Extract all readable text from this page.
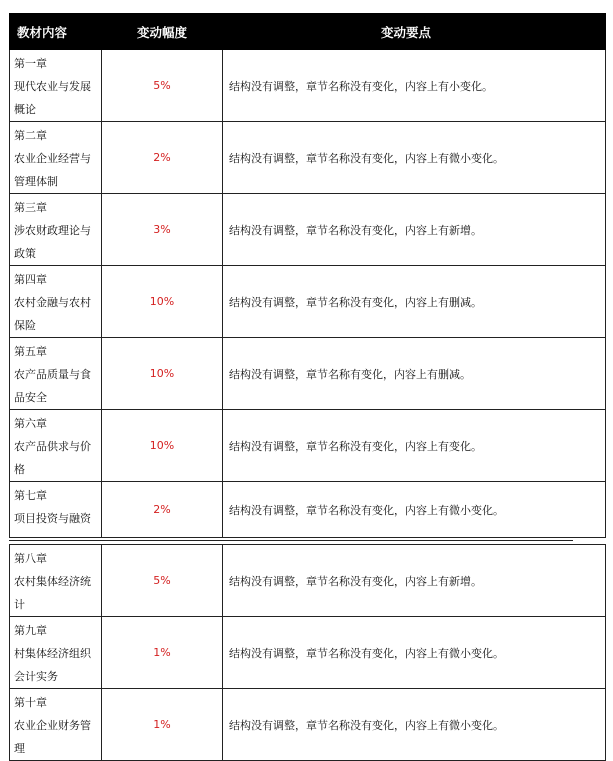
教材内容	变动幅度	变动要点

第一章
现代农业与发展概论	5%	结构没有调整，章节名称没有变化，内容上有小变化。

第二章
农业企业经营与管理体制	2%	结构没有调整，章节名称没有变化，内容上有微小变化。

第三章
涉农财政理论与政策	3%	结构没有调整，章节名称没有变化，内容上有新增。

第四章
农村金融与农村保险	10%	结构没有调整，章节名称没有变化，内容上有删减。

第五章
农产品质量与食品安全	10%	结构没有调整，章节名称有变化，内容上有删减。

第六章
农产品供求与价格	10%	结构没有调整，章节名称没有变化，内容上有变化。

第七章
项目投资与融资	2%	结构没有调整，章节名称没有变化，内容上有微小变化。
第八章
农村集体经济统计	5%	结构没有调整，章节名称没有变化，内容上有新增。

第九章
村集体经济组织会计实务	1%	结构没有调整，章节名称没有变化，内容上有微小变化。

第十章
农业企业财务管理	1%	结构没有调整，章节名称没有变化，内容上有微小变化。
